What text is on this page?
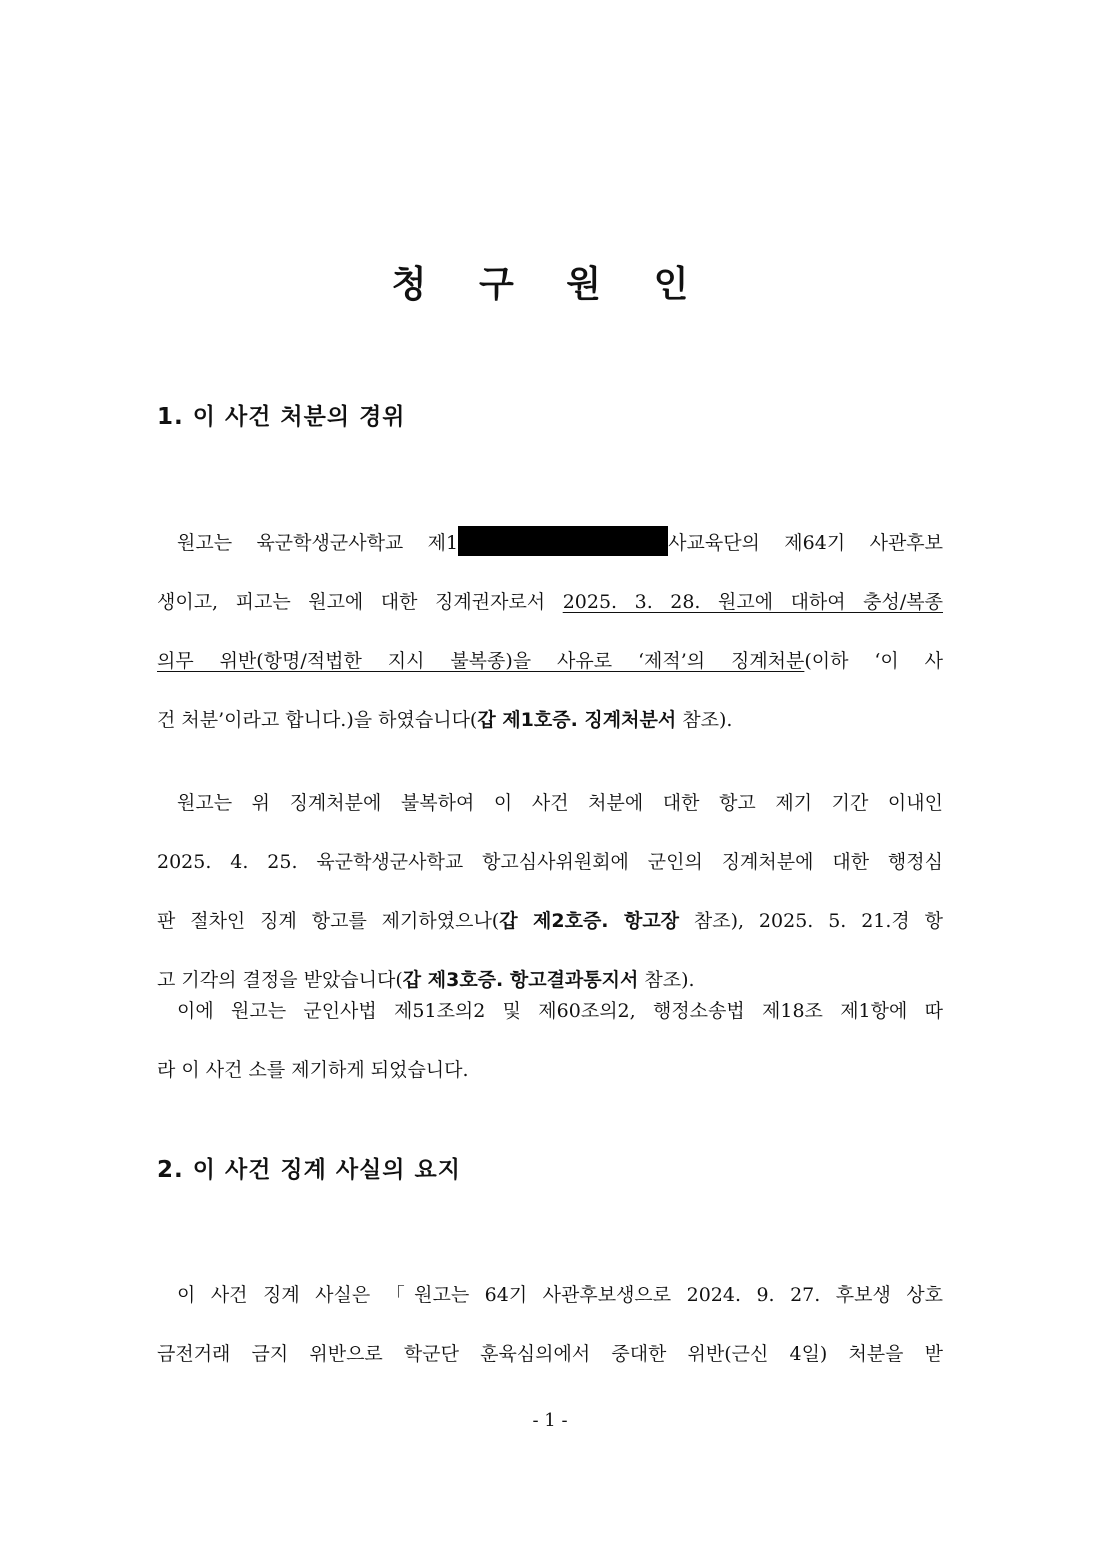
청 구 원 인
1. 이 사건 처분의 경위
원고는 육군학생군사학교 제1	사교육단의 제64기 사관후보
생이고, 피고는 원고에 대한 징계권자로서 2025. 3. 28. 원고에 대하여 충성/복종
의무 위반(항명/적법한 지시 불복종)을 사유로 ‘제적’의 징계처분(이하 ‘이 사
건 처분’이라고 합니다.)을 하였습니다(갑 제1호증. 징계처분서 참조).
원고는 위 징계처분에 불복하여 이 사건 처분에 대한 항고 제기 기간 이내인
2025. 4. 25. 육군학생군사학교 항고심사위원회에 군인의 징계처분에 대한 행정심
판 절차인 징계 항고를 제기하였으나(갑 제2호증. 항고장 참조), 2025. 5. 21.경 항
고 기각의 결정을 받았습니다(갑 제3호증. 항고결과통지서 참조).
이에 원고는 군인사법 제51조의2 및 제60조의2, 행정소송법 제18조 제1항에 따
라 이 사건 소를 제기하게 되었습니다.
2. 이 사건 징계 사실의 요지
이 사건 징계 사실은 「원고는 64기 사관후보생으로 2024. 9. 27. 후보생 상호
금전거래 금지 위반으로 학군단 훈육심의에서 중대한 위반(근신 4일) 처분을 받

- 1 -
